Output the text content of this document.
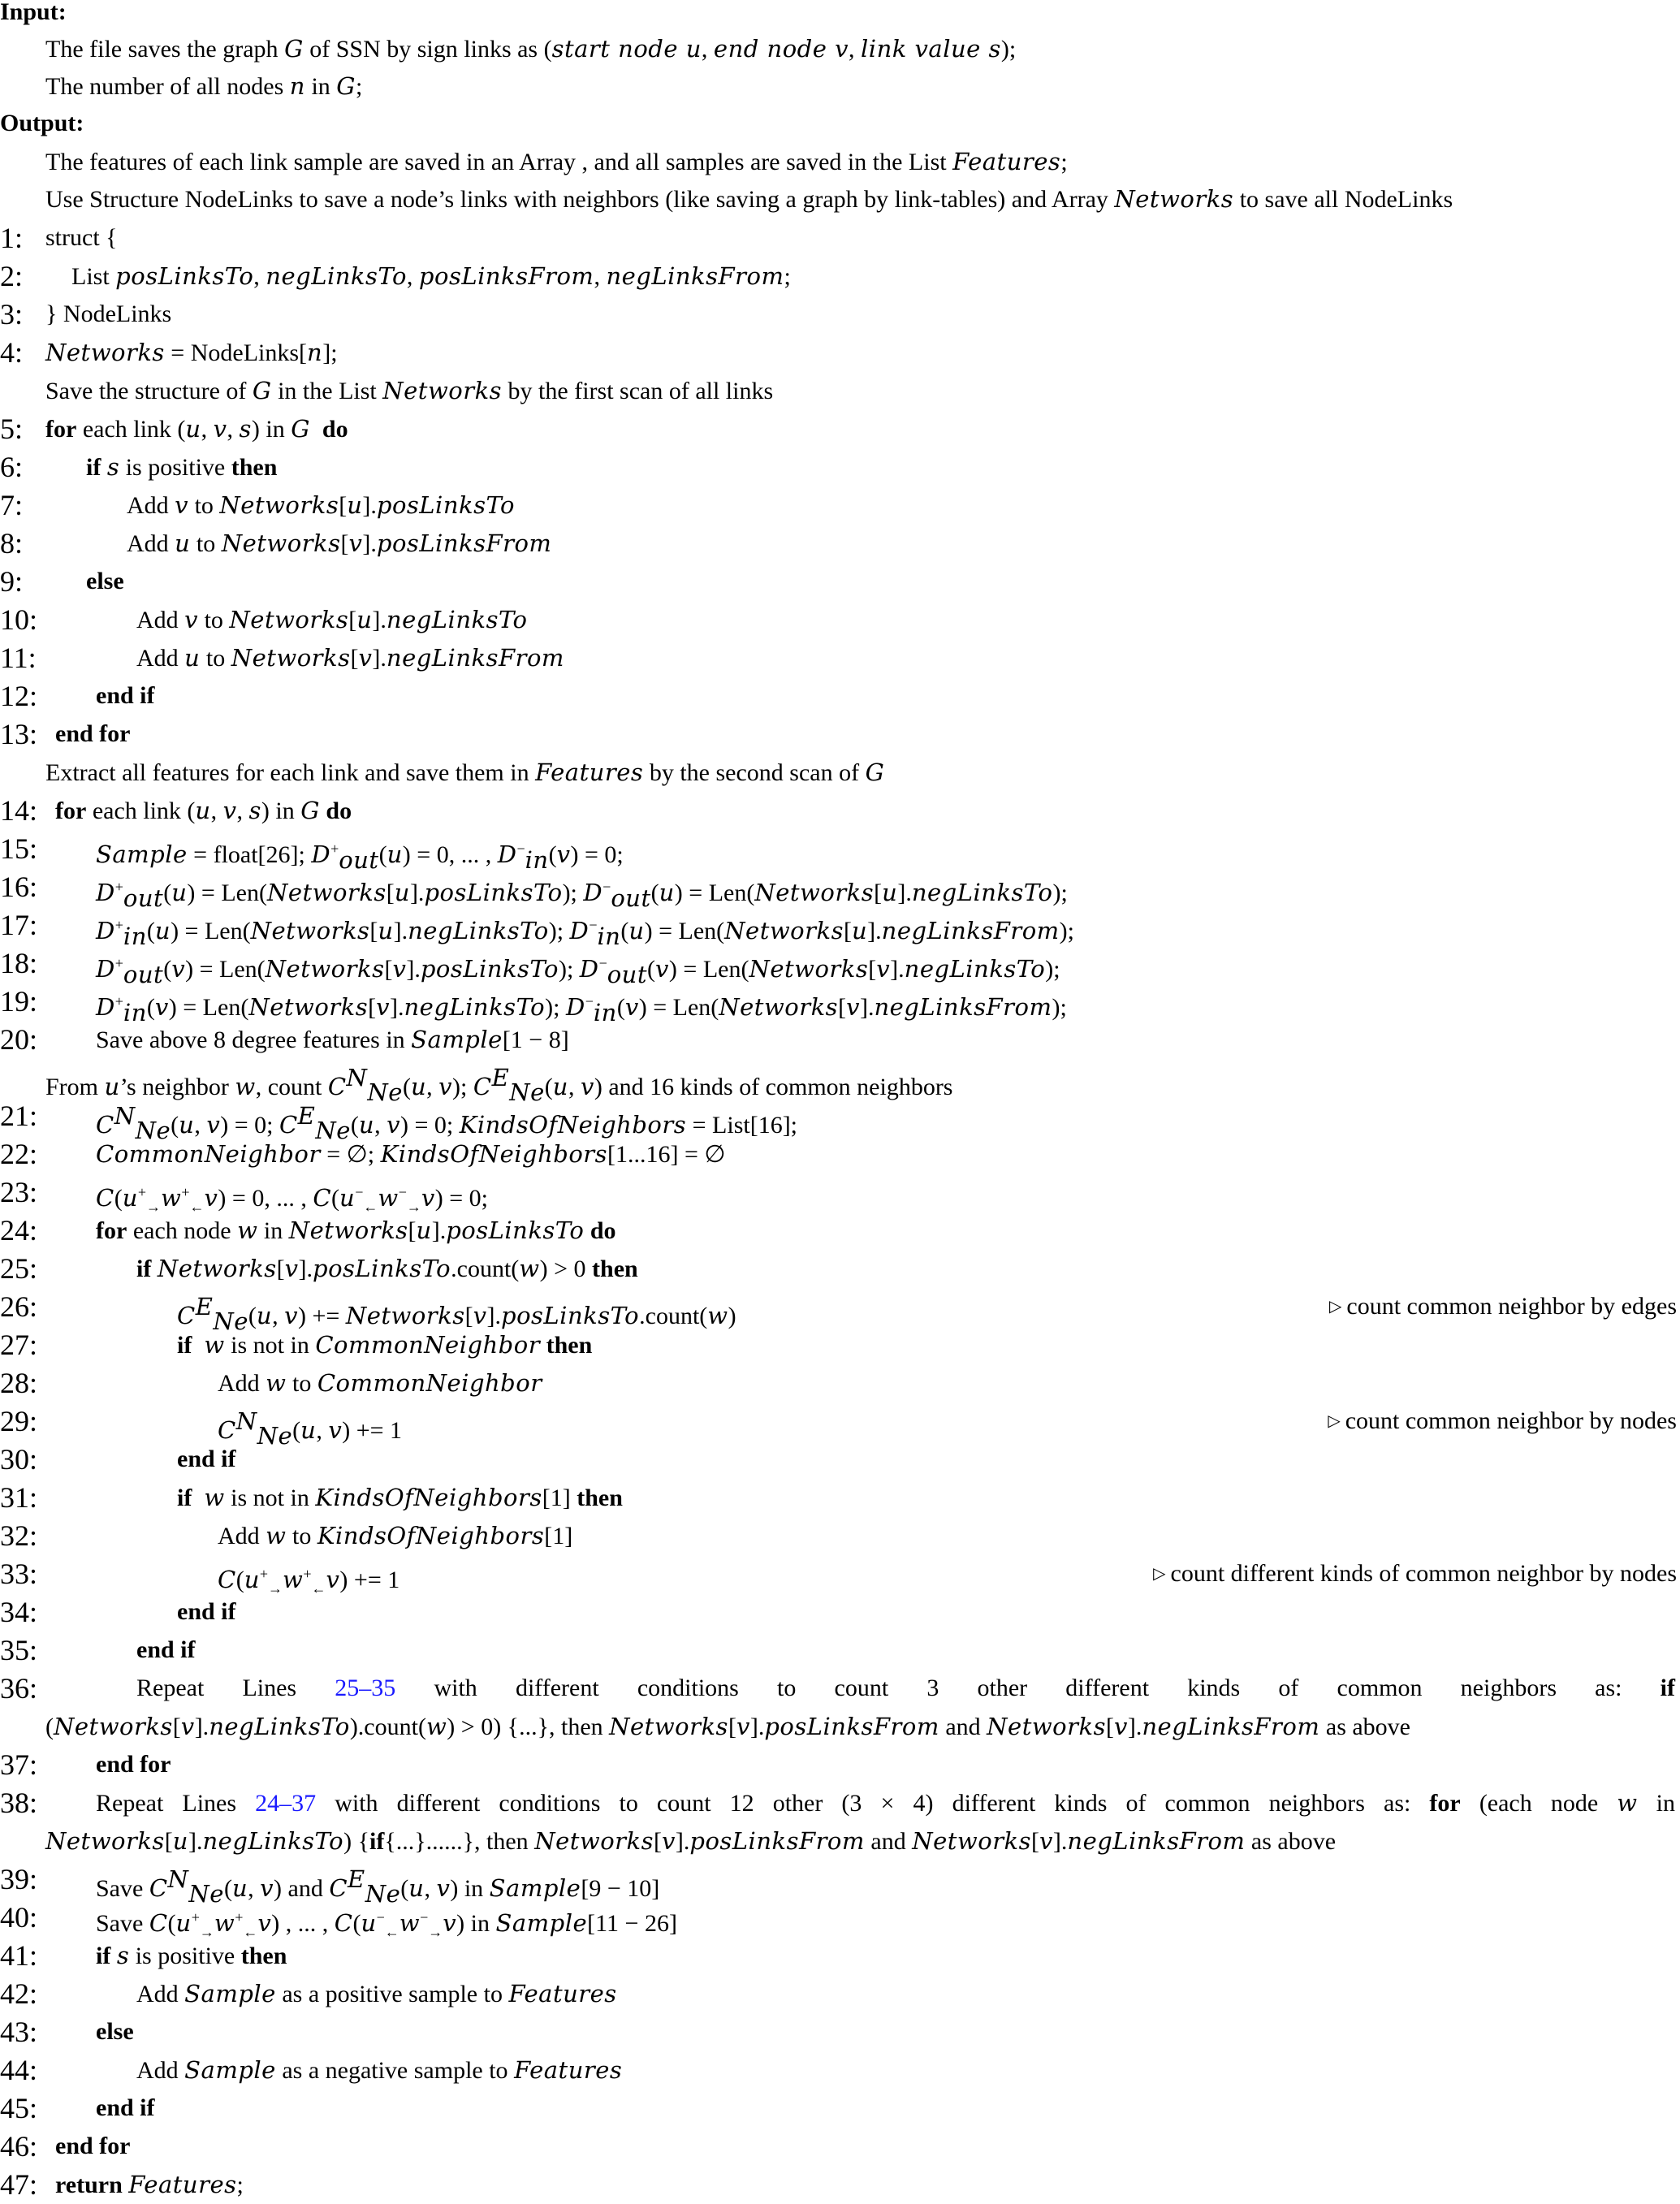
Input:
The file saves the graph G of SSN by sign links as (start node u, end node v, link value s);
The number of all nodes n in G;
Output:
The features of each link sample are saved in an Array , and all samples are saved in the List Features;
Use Structure NodeLinks to save a node’s links with neighbors (like saving a graph by link-tables) and Array Networks to save all NodeLinks
1: struct {
2:	List posLinksTo, negLinksTo, posLinksFrom, negLinksFrom;
3: } NodeLinks
4: Networks = NodeLinks[n];
Save the structure of G in the List Networks by the first scan of all links
5: for each link (u, v, s) in G do
6:	if s is positive then
7:	Add v to Networks[u].posLinksTo
8:	Add u to Networks[v].posLinksFrom
9:	else
10:	Add v to Networks[u].negLinksTo
11:	Add u to Networks[v].negLinksFrom
12:	end if
13: end for
Extract all features for each link and save them in Features by the second scan of G
14: for each link (u, v, s) in G do
15:	Sample = float[26]; $D^+_{out}(u) = 0$, ... , $D^-_{in}(v) = 0$;
16:	$D^+_{out}(u)$ = Len(Networks[u].posLinksTo); $D^-_{out}(u)$ = Len(Networks[u].negLinksTo);
17:	$D^+_{in}(u)$ = Len(Networks[u].negLinksTo); $D^-_{in}(u)$ = Len(Networks[u].negLinksFrom);
18:	$D^+_{out}(v)$ = Len(Networks[v].posLinksTo); $D^-_{out}(v)$ = Len(Networks[v].negLinksTo);
19:	$D^+_{in}(v)$ = Len(Networks[v].negLinksTo); $D^-_{in}(v)$ = Len(Networks[v].negLinksFrom);
20:	Save above 8 degree features in Sample[1 − 8]
From u’s neighbor w, count $C^N_{Ne}(u$, v); $C^E_{Ne}(u$, v) and 16 kinds of common neighbors
21:	$C^N_{Ne}(u$, v) = 0; $C^E_{Ne}(u$, v) = 0; KindsOfNeighbors = List[16];
22:	CommonNeighbor = ∅; KindsOfNeighbors[1...16] = ∅
23:	$C(u^+_\to w^+_\leftarrow v) = 0$, ... , $C(u^-_\leftarrow w^-_\to v) = 0$;
24:	for each node w in Networks[u].posLinksTo do
25:	if Networks[v].posLinksTo.count(w) > 0 then
26:	$C^E_{Ne}(u$, v) += Networks[v].posLinksTo.count(w)	▷ count common neighbor by edges
27:	if w is not in CommonNeighbor then
28:	Add w to CommonNeighbor
29:	$C^N_{Ne}(u$, v) += 1	▷ count common neighbor by nodes
30:	end if
31:	if w is not in KindsOfNeighbors[1] then
32:	Add w to KindsOfNeighbors[1]
33:	$C(u^+_\to w^+_\leftarrow v) += 1$	▷ count different kinds of common neighbor by nodes
34:	end if
35:	end if
36:	Repeat Lines 25–35 with different conditions to count 3 other different kinds of common neighbors as: if
(Networks[v].negLinksTo).count(w) > 0) {...}, then Networks[v].posLinksFrom and Networks[v].negLinksFrom as above
37:	end for
38:	Repeat Lines 24–37 with different conditions to count 12 other (3 × 4) different kinds of common neighbors as: for (each node w in
Networks[u].negLinksTo) {if{...}......}, then Networks[v].posLinksFrom and Networks[v].negLinksFrom as above
39:	Save $C^N_{Ne}(u$, v) and $C^E_{Ne}(u$, v) in Sample[9 − 10]
40:	Save $C(u^+_\to w^+_\leftarrow v)$ , ... , $C(u^-_\leftarrow w^-_\to v)$ in Sample[11 − 26]
41:	if s is positive then
42:	Add Sample as a positive sample to Features
43:	else
44:	Add Sample as a negative sample to Features
45:	end if
46: end for
47: return Features;
